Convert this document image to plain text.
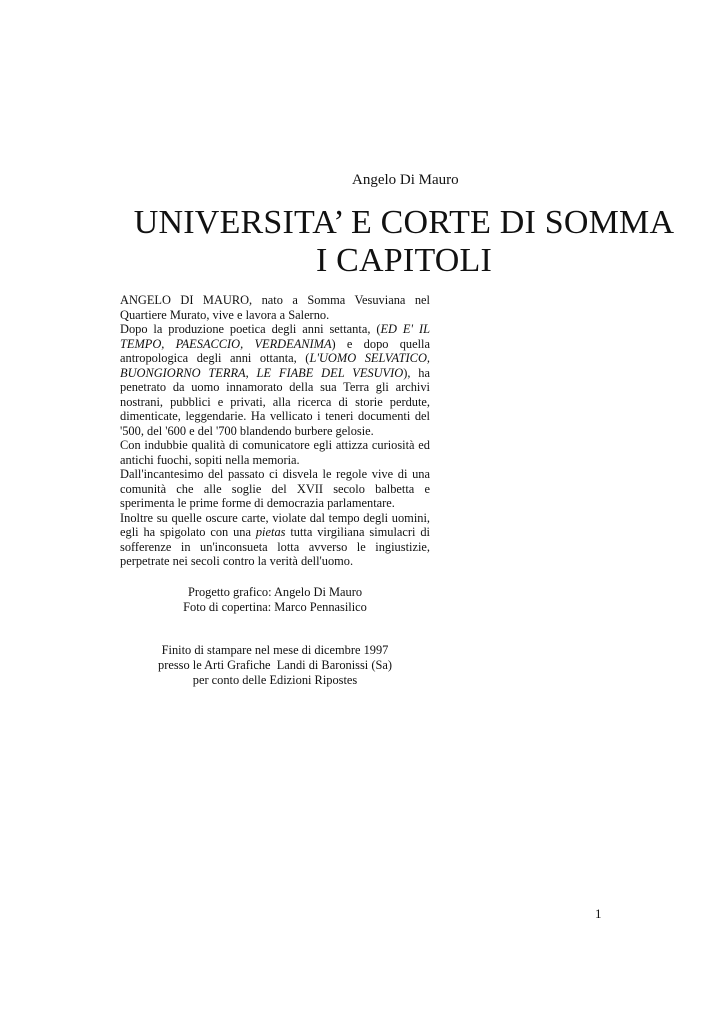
Angelo Di Mauro
UNIVERSITA’ E CORTE DI SOMMA
I CAPITOLI

ANGELO DI MAURO, nato a Somma Vesuviana nel Quartiere Murato, vive e lavora a Salerno.

Dopo la produzione poetica degli anni settanta, (ED E' IL TEMPO, PAESACCIO, VERDEANIMA) e dopo quella antropologica degli anni ottanta, (L'UOMO SELVATICO, BUONGIORNO TERRA, LE FIABE DEL VESUVIO), ha penetrato da uomo innamorato della sua Terra gli archivi nostrani, pubblici e privati, alla ricerca di storie perdute, dimenticate, leggendarie. Ha vellicato i teneri documenti del '500, del '600 e del '700 blandendo burbere gelosie.

Con indubbie qualità di comunicatore egli attizza curiosità ed antichi fuochi, sopiti nella memoria.

Dall'incantesimo del passato ci disvela le regole vive di una comunità che alle soglie del XVII secolo balbetta e sperimenta le prime forme di democrazia parlamentare.

Inoltre su quelle oscure carte, violate dal tempo degli uomini, egli ha spigolato con una pietas tutta virgiliana simulacri di sofferenze in un'inconsueta lotta avverso le ingiustizie, perpetrate nei secoli contro la verità dell'uomo.

Progetto grafico: Angelo Di Mauro
Foto di copertina: Marco Pennasilico
Finito di stampare nel mese di dicembre 1997
presso le Arti Grafiche  Landi di Baronissi (Sa)
per conto delle Edizioni Ripostes
1
